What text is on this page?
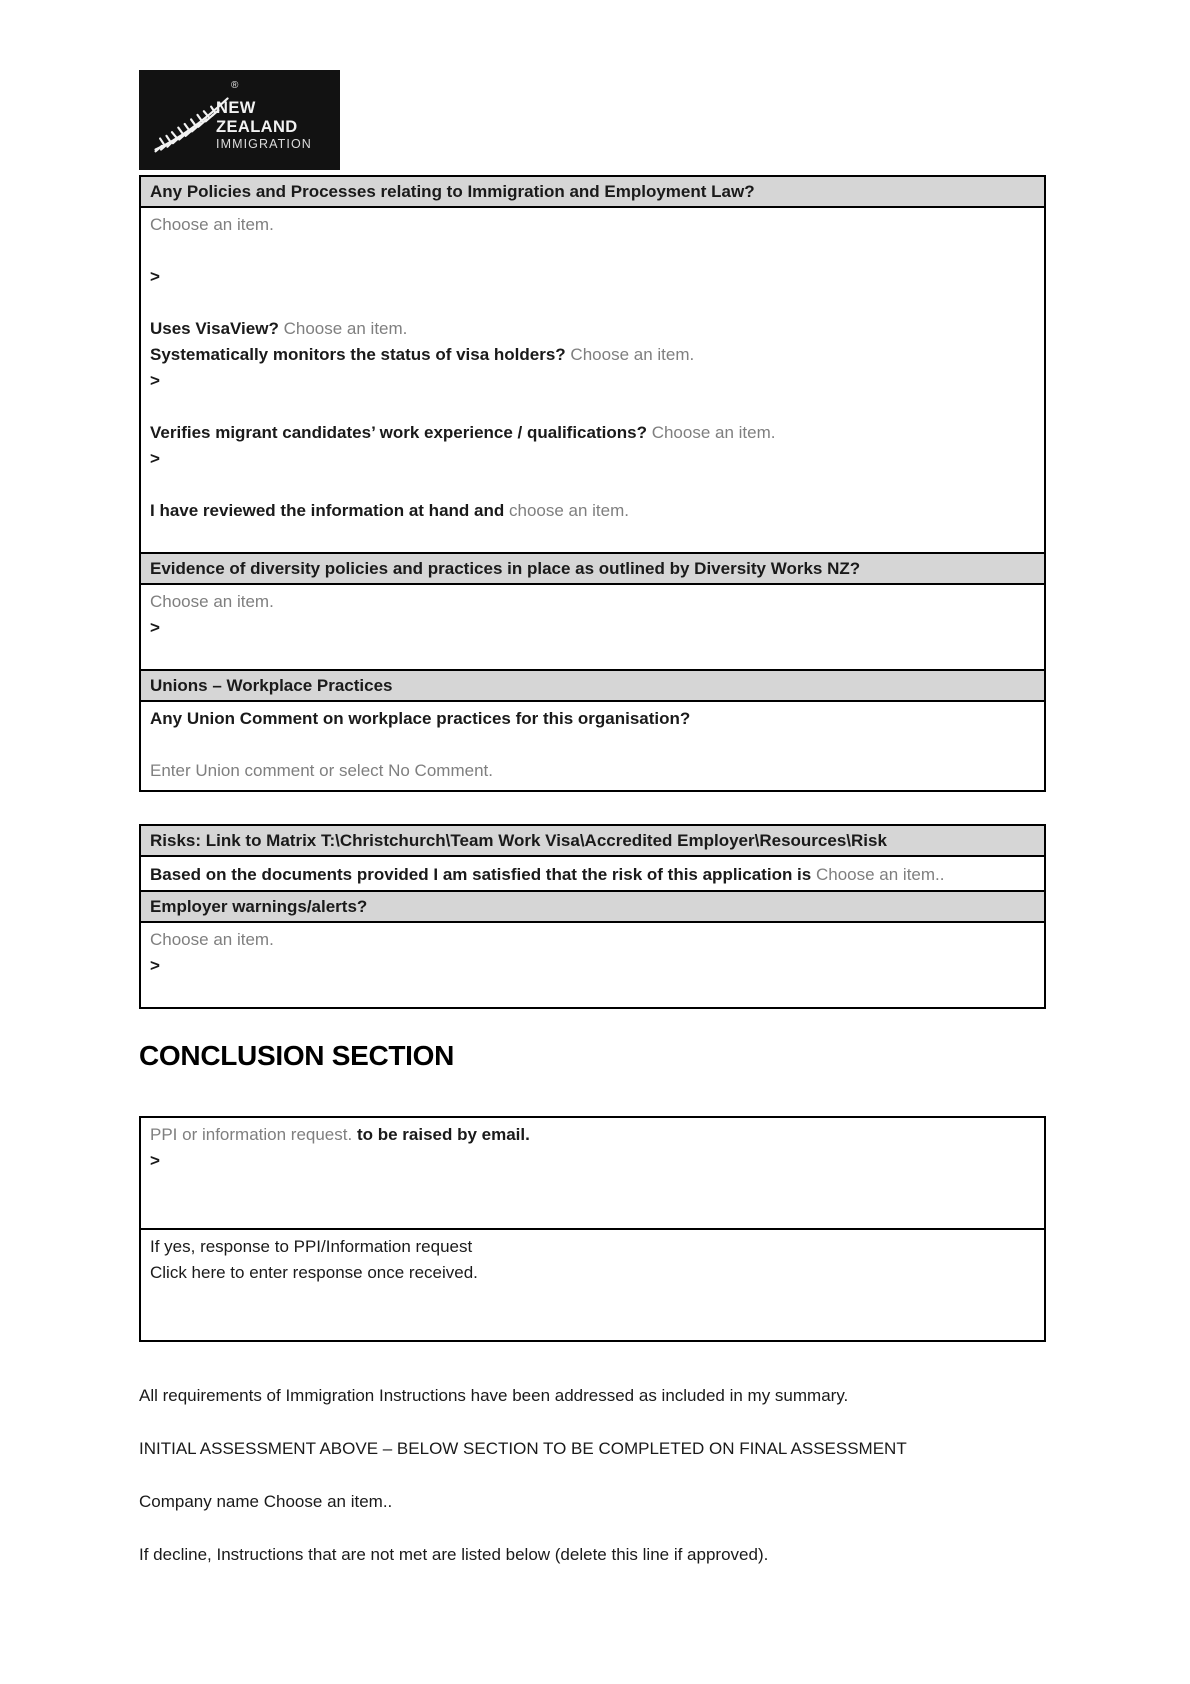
®
NEW ZEALAND
IMMIGRATION
Any Policies and Processes relating to Immigration and Employment Law?
Choose an item.
>
Uses VisaView? Choose an item.
Systematically monitors the status of visa holders? Choose an item.
>
Verifies migrant candidates’ work experience / qualifications? Choose an item.
>
I have reviewed the information at hand and choose an item.
Evidence of diversity policies and practices in place as outlined by Diversity Works NZ?
Choose an item.
>
Unions – Workplace Practices
Any Union Comment on workplace practices for this organisation?
Enter Union comment or select No Comment.
Risks: Link to Matrix T:\Christchurch\Team Work Visa\Accredited Employer\Resources\Risk
Based on the documents provided I am satisfied that the risk of this application is Choose an item..
Employer warnings/alerts?
Choose an item.
>
CONCLUSION SECTION
PPI or information request. to be raised by email.
>
If yes, response to PPI/Information request
Click here to enter response once received.

All requirements of Immigration Instructions have been addressed as included in my summary.

INITIAL ASSESSMENT ABOVE – BELOW SECTION TO BE COMPLETED ON FINAL ASSESSMENT

Company name Choose an item..

If decline, Instructions that are not met are listed below (delete this line if approved).
